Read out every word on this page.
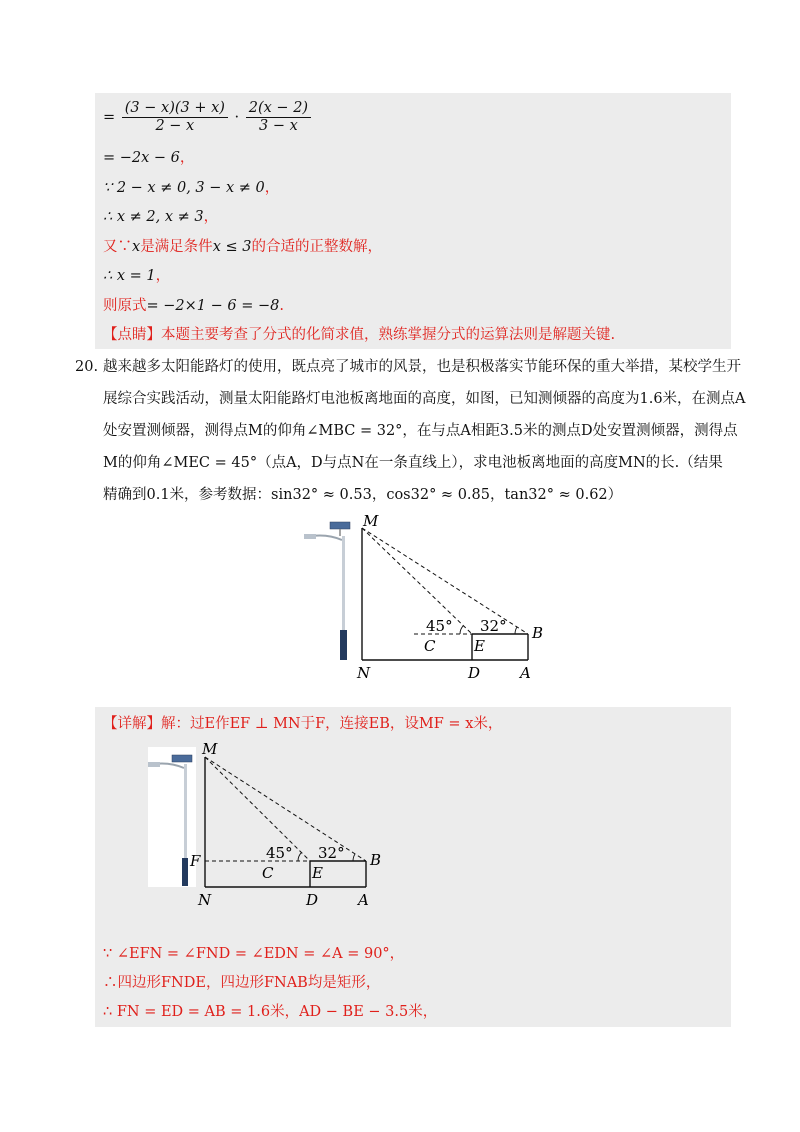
= $\frac{(3 - x)(3 + x)}{2 - x} \cdot \frac{2(x - 2)}{3 - x}$
= −2x − 6，
∵ 2 − x ≠ 0, 3 − x ≠ 0，
∴ x ≠ 2, x ≠ 3，
又∵x是满足条件x ≤ 3的合适的正整数解，
∴ x = 1，
则原式= −2×1 − 6 = −8.
【点睛】本题主要考查了分式的化简求值，熟练掌握分式的运算法则是解题关键.
20. 越来越多太阳能路灯的使用，既点亮了城市的风景，也是积极落实节能环保的重大举措，某校学生开
展综合实践活动，测量太阳能路灯电池板离地面的高度，如图，已知测倾器的高度为1.6米，在测点A
处安置测倾器，测得点M的仰角∠MBC = 32°，在与点A相距3.5米的测点D处安置测倾器，测得点
M的仰角∠MEC = 45°（点A，D与点N在一条直线上），求电池板离地面的高度MN的长.（结果
精确到0.1米，参考数据：sin32° ≈ 0.53，cos32° ≈ 0.85，tan32° ≈ 0.62）
45° 32°
M
N	D	A
C	E
B
【详解】解：过E作EF ⊥ MN于F，连接EB，设MF = x米，
45° 32°
M
F
N	D	A
C	E
B
∵ ∠EFN = ∠FND = ∠EDN = ∠A = 90°，
∴四边形FNDE，四边形FNAB均是矩形，
∴ FN = ED = AB = 1.6米，AD − BE − 3.5米，
